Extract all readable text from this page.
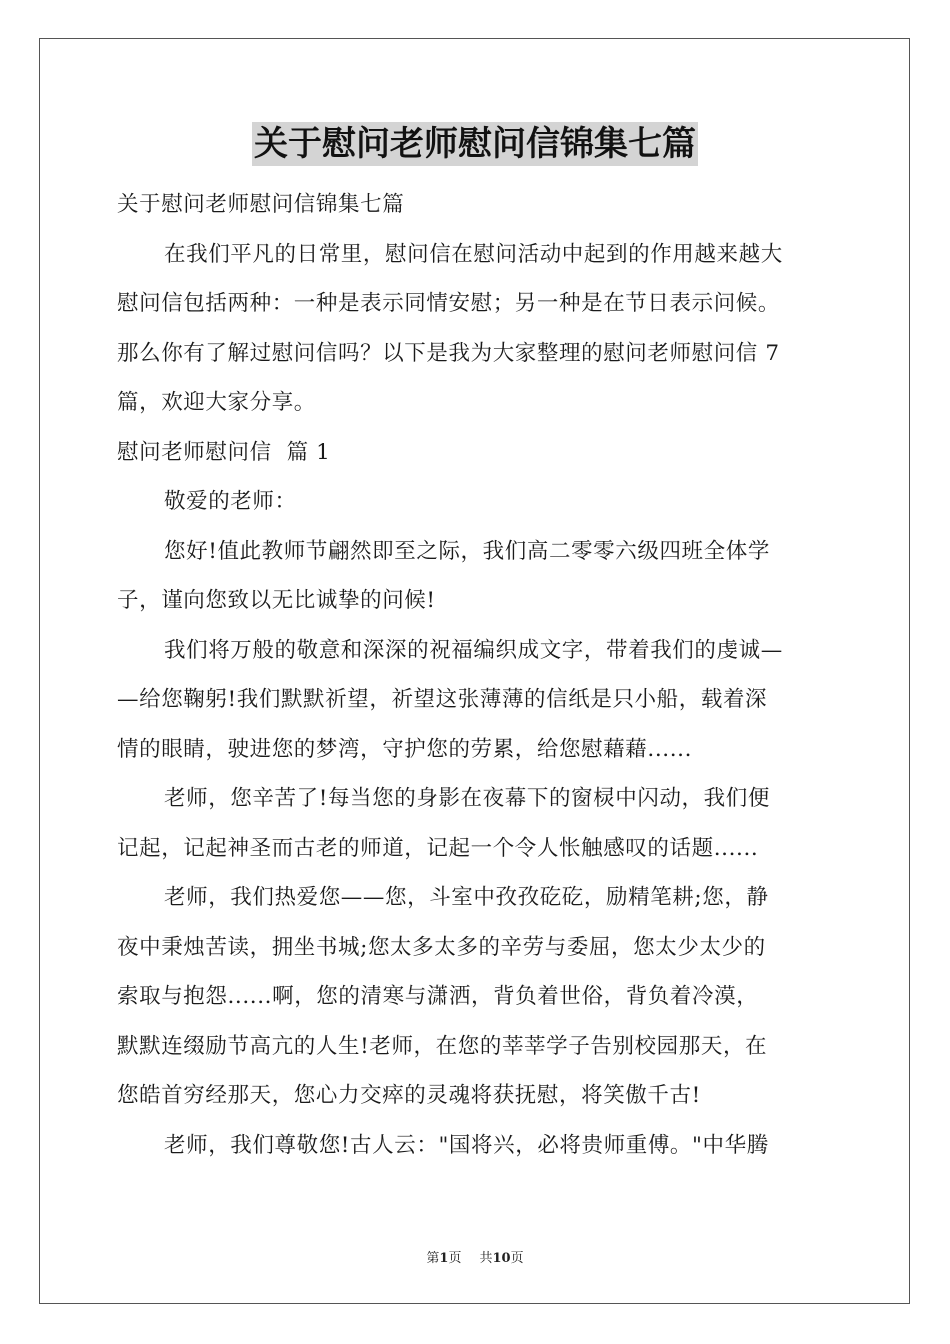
关于慰问老师慰问信锦集七篇
关于慰问老师慰问信锦集七篇
在我们平凡的日常里，慰问信在慰问活动中起到的作用越来越大
慰问信包括两种：一种是表示同情安慰；另一种是在节日表示问候。
那么你有了解过慰问信吗？以下是我为大家整理的慰问老师慰问信 7
篇，欢迎大家分享。
慰问老师慰问信  篇 1
敬爱的老师：
您好!值此教师节翩然即至之际，我们高二零零六级四班全体学
子，谨向您致以无比诚挚的问候!
我们将万般的敬意和深深的祝福编织成文字，带着我们的虔诚—
—给您鞠躬!我们默默祈望，祈望这张薄薄的信纸是只小船，载着深
情的眼睛，驶进您的梦湾，守护您的劳累，给您慰藉藉......
老师，您辛苦了!每当您的身影在夜幕下的窗棂中闪动，我们便
记起，记起神圣而古老的师道，记起一个令人怅触感叹的话题......
老师，我们热爱您——您，斗室中孜孜矻矻，励精笔耕;您，静
夜中秉烛苦读，拥坐书城;您太多太多的辛劳与委屈，您太少太少的
索取与抱怨......啊，您的清寒与潇洒，背负着世俗，背负着冷漠，
默默连缀励节高亢的人生!老师，在您的莘莘学子告别校园那天，在
您皓首穷经那天，您心力交瘁的灵魂将获抚慰，将笑傲千古!
老师，我们尊敬您!古人云："国将兴，必将贵师重傅。"中华腾
第1页 共10页
